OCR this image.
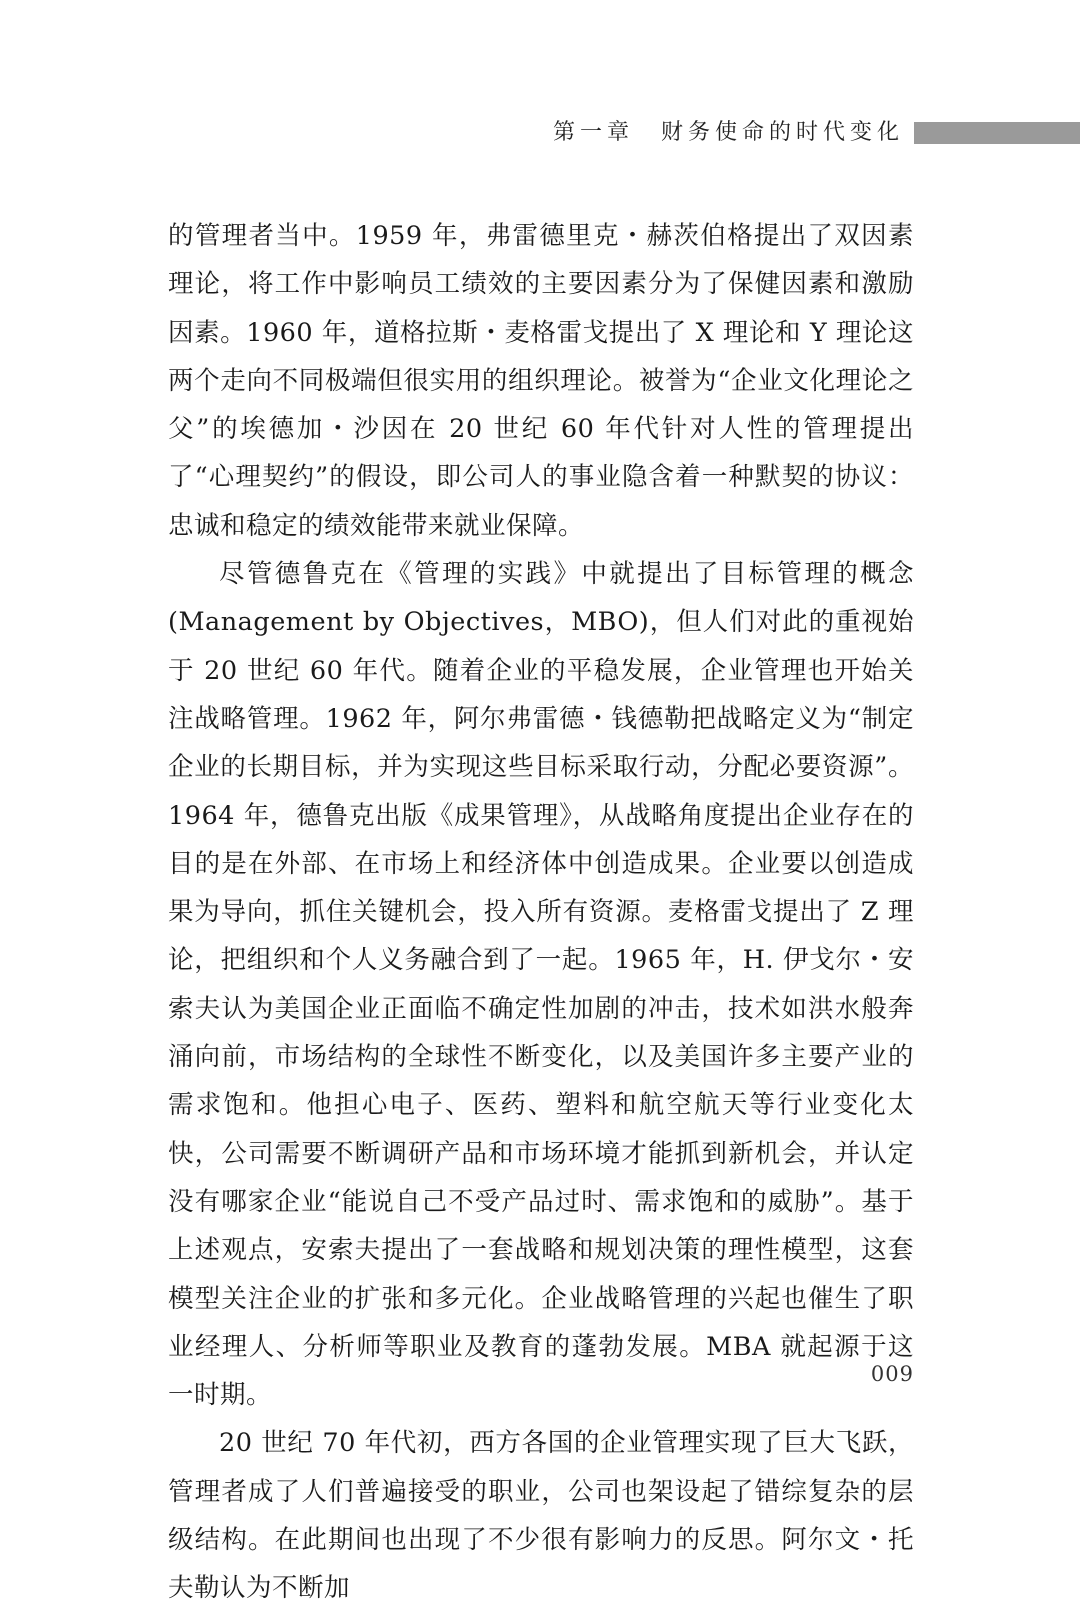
第一章　财务使命的时代变化

的管理者当中。1959 年，弗雷德里克・赫茨伯格提出了双因素理论，将工作中影响员工绩效的主要因素分为了保健因素和激励因素。1960 年，道格拉斯・麦格雷戈提出了 X 理论和 Y 理论这两个走向不同极端但很实用的组织理论。被誉为“企业文化理论之父”的埃德加・沙因在 20 世纪 60 年代针对人性的管理提出了“心理契约”的假设，即公司人的事业隐含着一种默契的协议：忠诚和稳定的绩效能带来就业保障。

尽管德鲁克在《管理的实践》中就提出了目标管理的概念(Management by Objectives，MBO)，但人们对此的重视始于 20 世纪 60 年代。随着企业的平稳发展，企业管理也开始关注战略管理。1962 年，阿尔弗雷德・钱德勒把战略定义为“制定企业的长期目标，并为实现这些目标采取行动，分配必要资源”。1964 年，德鲁克出版《成果管理》，从战略角度提出企业存在的目的是在外部、在市场上和经济体中创造成果。企业要以创造成果为导向，抓住关键机会，投入所有资源。麦格雷戈提出了 Z 理论，把组织和个人义务融合到了一起。1965 年，H. 伊戈尔・安索夫认为美国企业正面临不确定性加剧的冲击，技术如洪水般奔涌向前，市场结构的全球性不断变化，以及美国许多主要产业的需求饱和。他担心电子、医药、塑料和航空航天等行业变化太快，公司需要不断调研产品和市场环境才能抓到新机会，并认定没有哪家企业“能说自己不受产品过时、需求饱和的威胁”。基于上述观点，安索夫提出了一套战略和规划决策的理性模型，这套模型关注企业的扩张和多元化。企业战略管理的兴起也催生了职业经理人、分析师等职业及教育的蓬勃发展。MBA 就起源于这一时期。

20 世纪 70 年代初，西方各国的企业管理实现了巨大飞跃，管理者成了人们普遍接受的职业，公司也架设起了错综复杂的层级结构。在此期间也出现了不少很有影响力的反思。阿尔文・托夫勒认为不断加

009
